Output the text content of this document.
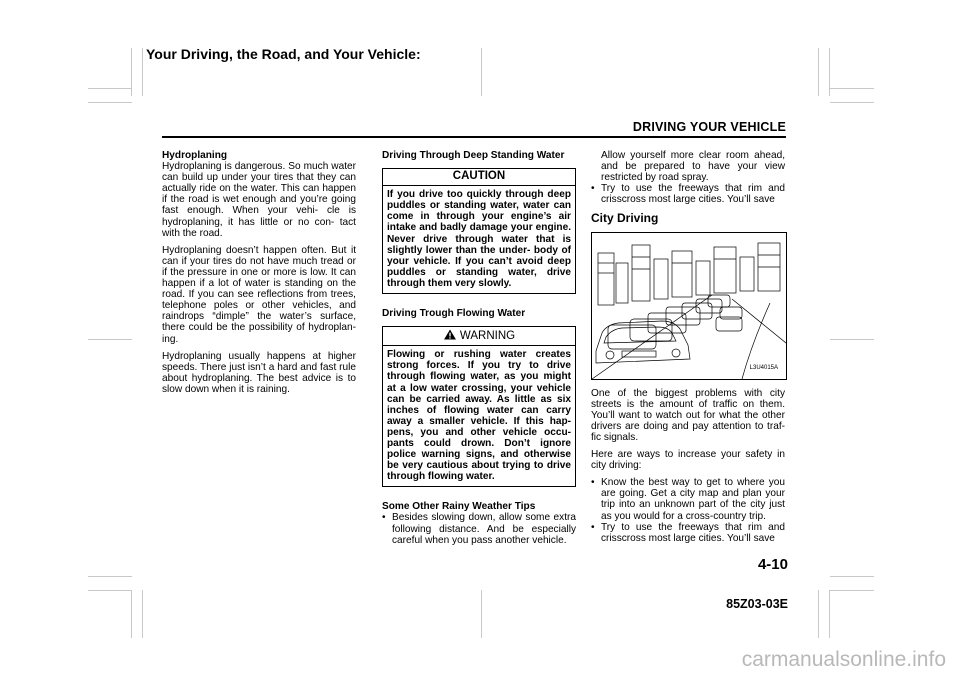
Your Driving, the Road, and Your Vehicle:
DRIVING YOUR VEHICLE
Hydroplaning

Hydroplaning is dangerous. So much water can build up under your tires that they can actually ride on the water. This can happen if the road is wet enough and you’re going fast enough. When your vehi- cle is hydroplaning, it has little or no con- tact with the road.

Hydroplaning doesn’t happen often. But it can if your tires do not have much tread or if the pressure in one or more is low. It can happen if a lot of water is standing on the road. If you can see reflections from trees, telephone poles or other vehicles, and raindrops “dimple” the water’s surface, there could be the possibility of hydroplan- ing.

Hydroplaning usually happens at higher speeds. There just isn’t a hard and fast rule about hydroplaning. The best advice is to slow down when it is raining.

Driving Through Deep Standing Water
CAUTION
If you drive too quickly through deep puddles or standing water, water can come in through your engine’s air intake and badly damage your engine. Never drive through water that is slightly lower than the under- body of your vehicle. If you can’t avoid deep puddles or standing water, drive through them very slowly.
Driving Trough Flowing Water
WARNING
Flowing or rushing water creates strong forces. If you try to drive through flowing water, as you might at a low water crossing, your vehicle can be carried away. As little as six inches of flowing water can carry away a smaller vehicle. If this hap- pens, you and other vehicle occu- pants could drown. Don’t ignore police warning signs, and otherwise be very cautious about trying to drive through flowing water.
Some Other Rainy Weather Tips
• Besides slowing down, allow some extra following distance. And be especially careful when you pass another vehicle.

Allow yourself more clear room ahead, and be prepared to have your view restricted by road spray.

• Try to use the freeways that rim and crisscross most large cities. You’ll save
City Driving
L3U4015A

One of the biggest problems with city streets is the amount of traffic on them. You’ll want to watch out for what the other drivers are doing and pay attention to traf- fic signals.

Here are ways to increase your safety in city driving:

• Know the best way to get to where you are going. Get a city map and plan your trip into an unknown part of the city just as you would for a cross-country trip.
• Try to use the freeways that rim and crisscross most large cities. You’ll save
4-10
85Z03-03E
carmanualsonline.info
